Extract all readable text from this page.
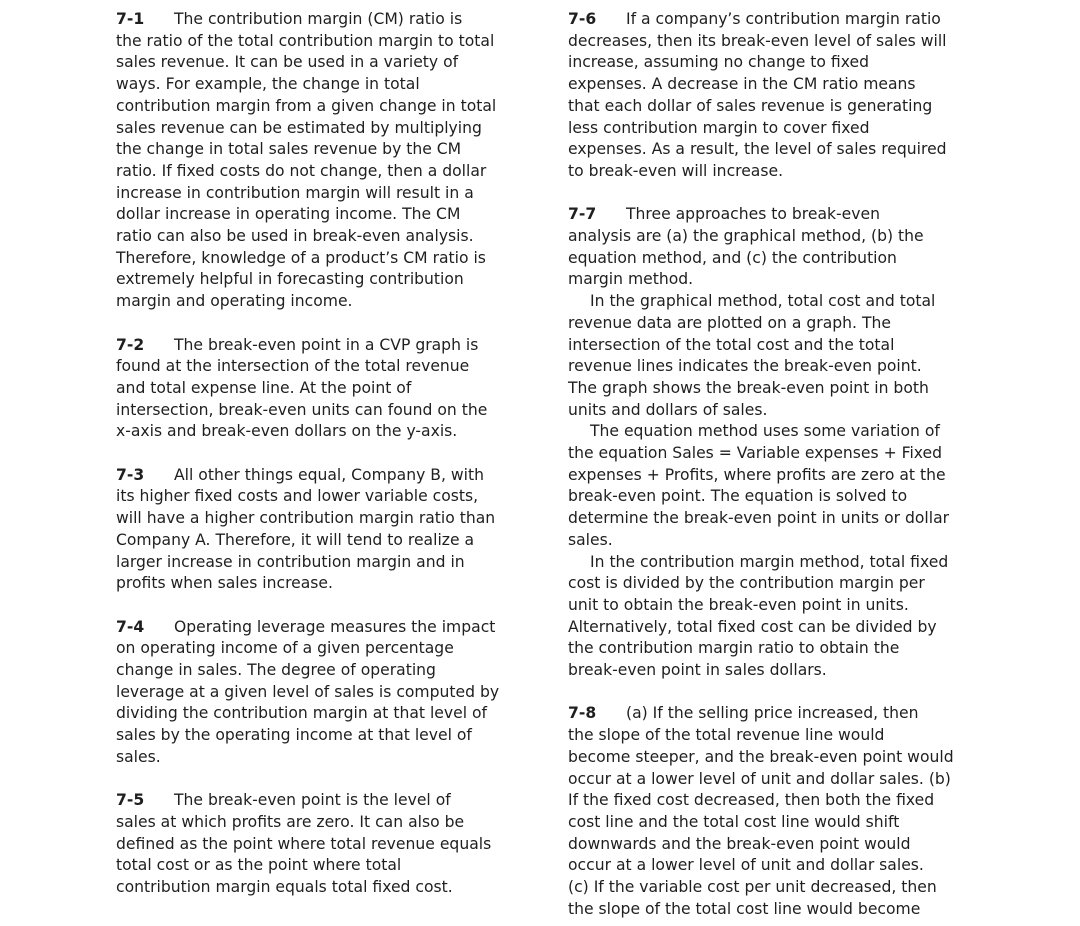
7-1 The contribution margin (CM) ratio is
the ratio of the total contribution margin to total
sales revenue. It can be used in a variety of
ways. For example, the change in total
contribution margin from a given change in total
sales revenue can be estimated by multiplying
the change in total sales revenue by the CM
ratio. If fixed costs do not change, then a dollar
increase in contribution margin will result in a
dollar increase in operating income. The CM
ratio can also be used in break-even analysis.
Therefore, knowledge of a product’s CM ratio is
extremely helpful in forecasting contribution
margin and operating income.
7-2 The break-even point in a CVP graph is
found at the intersection of the total revenue
and total expense line. At the point of
intersection, break-even units can found on the
x-axis and break-even dollars on the y-axis.
7-3 All other things equal, Company B, with
its higher fixed costs and lower variable costs,
will have a higher contribution margin ratio than
Company A. Therefore, it will tend to realize a
larger increase in contribution margin and in
profits when sales increase.
7-4 Operating leverage measures the impact
on operating income of a given percentage
change in sales. The degree of operating
leverage at a given level of sales is computed by
dividing the contribution margin at that level of
sales by the operating income at that level of
sales.
7-5 The break-even point is the level of
sales at which profits are zero. It can also be
defined as the point where total revenue equals
total cost or as the point where total
contribution margin equals total fixed cost.
7-6 If a company’s contribution margin ratio
decreases, then its break-even level of sales will
increase, assuming no change to fixed
expenses. A decrease in the CM ratio means
that each dollar of sales revenue is generating
less contribution margin to cover fixed
expenses. As a result, the level of sales required
to break-even will increase.
7-7 Three approaches to break-even
analysis are (a) the graphical method, (b) the
equation method, and (c) the contribution
margin method.
In the graphical method, total cost and total
revenue data are plotted on a graph. The
intersection of the total cost and the total
revenue lines indicates the break-even point.
The graph shows the break-even point in both
units and dollars of sales.
The equation method uses some variation of
the equation Sales = Variable expenses + Fixed
expenses + Profits, where profits are zero at the
break-even point. The equation is solved to
determine the break-even point in units or dollar
sales.
In the contribution margin method, total fixed
cost is divided by the contribution margin per
unit to obtain the break-even point in units.
Alternatively, total fixed cost can be divided by
the contribution margin ratio to obtain the
break-even point in sales dollars.
7-8 (a) If the selling price increased, then
the slope of the total revenue line would
become steeper, and the break-even point would
occur at a lower level of unit and dollar sales. (b)
If the fixed cost decreased, then both the fixed
cost line and the total cost line would shift
downwards and the break-even point would
occur at a lower level of unit and dollar sales.
(c) If the variable cost per unit decreased, then
the slope of the total cost line would become
